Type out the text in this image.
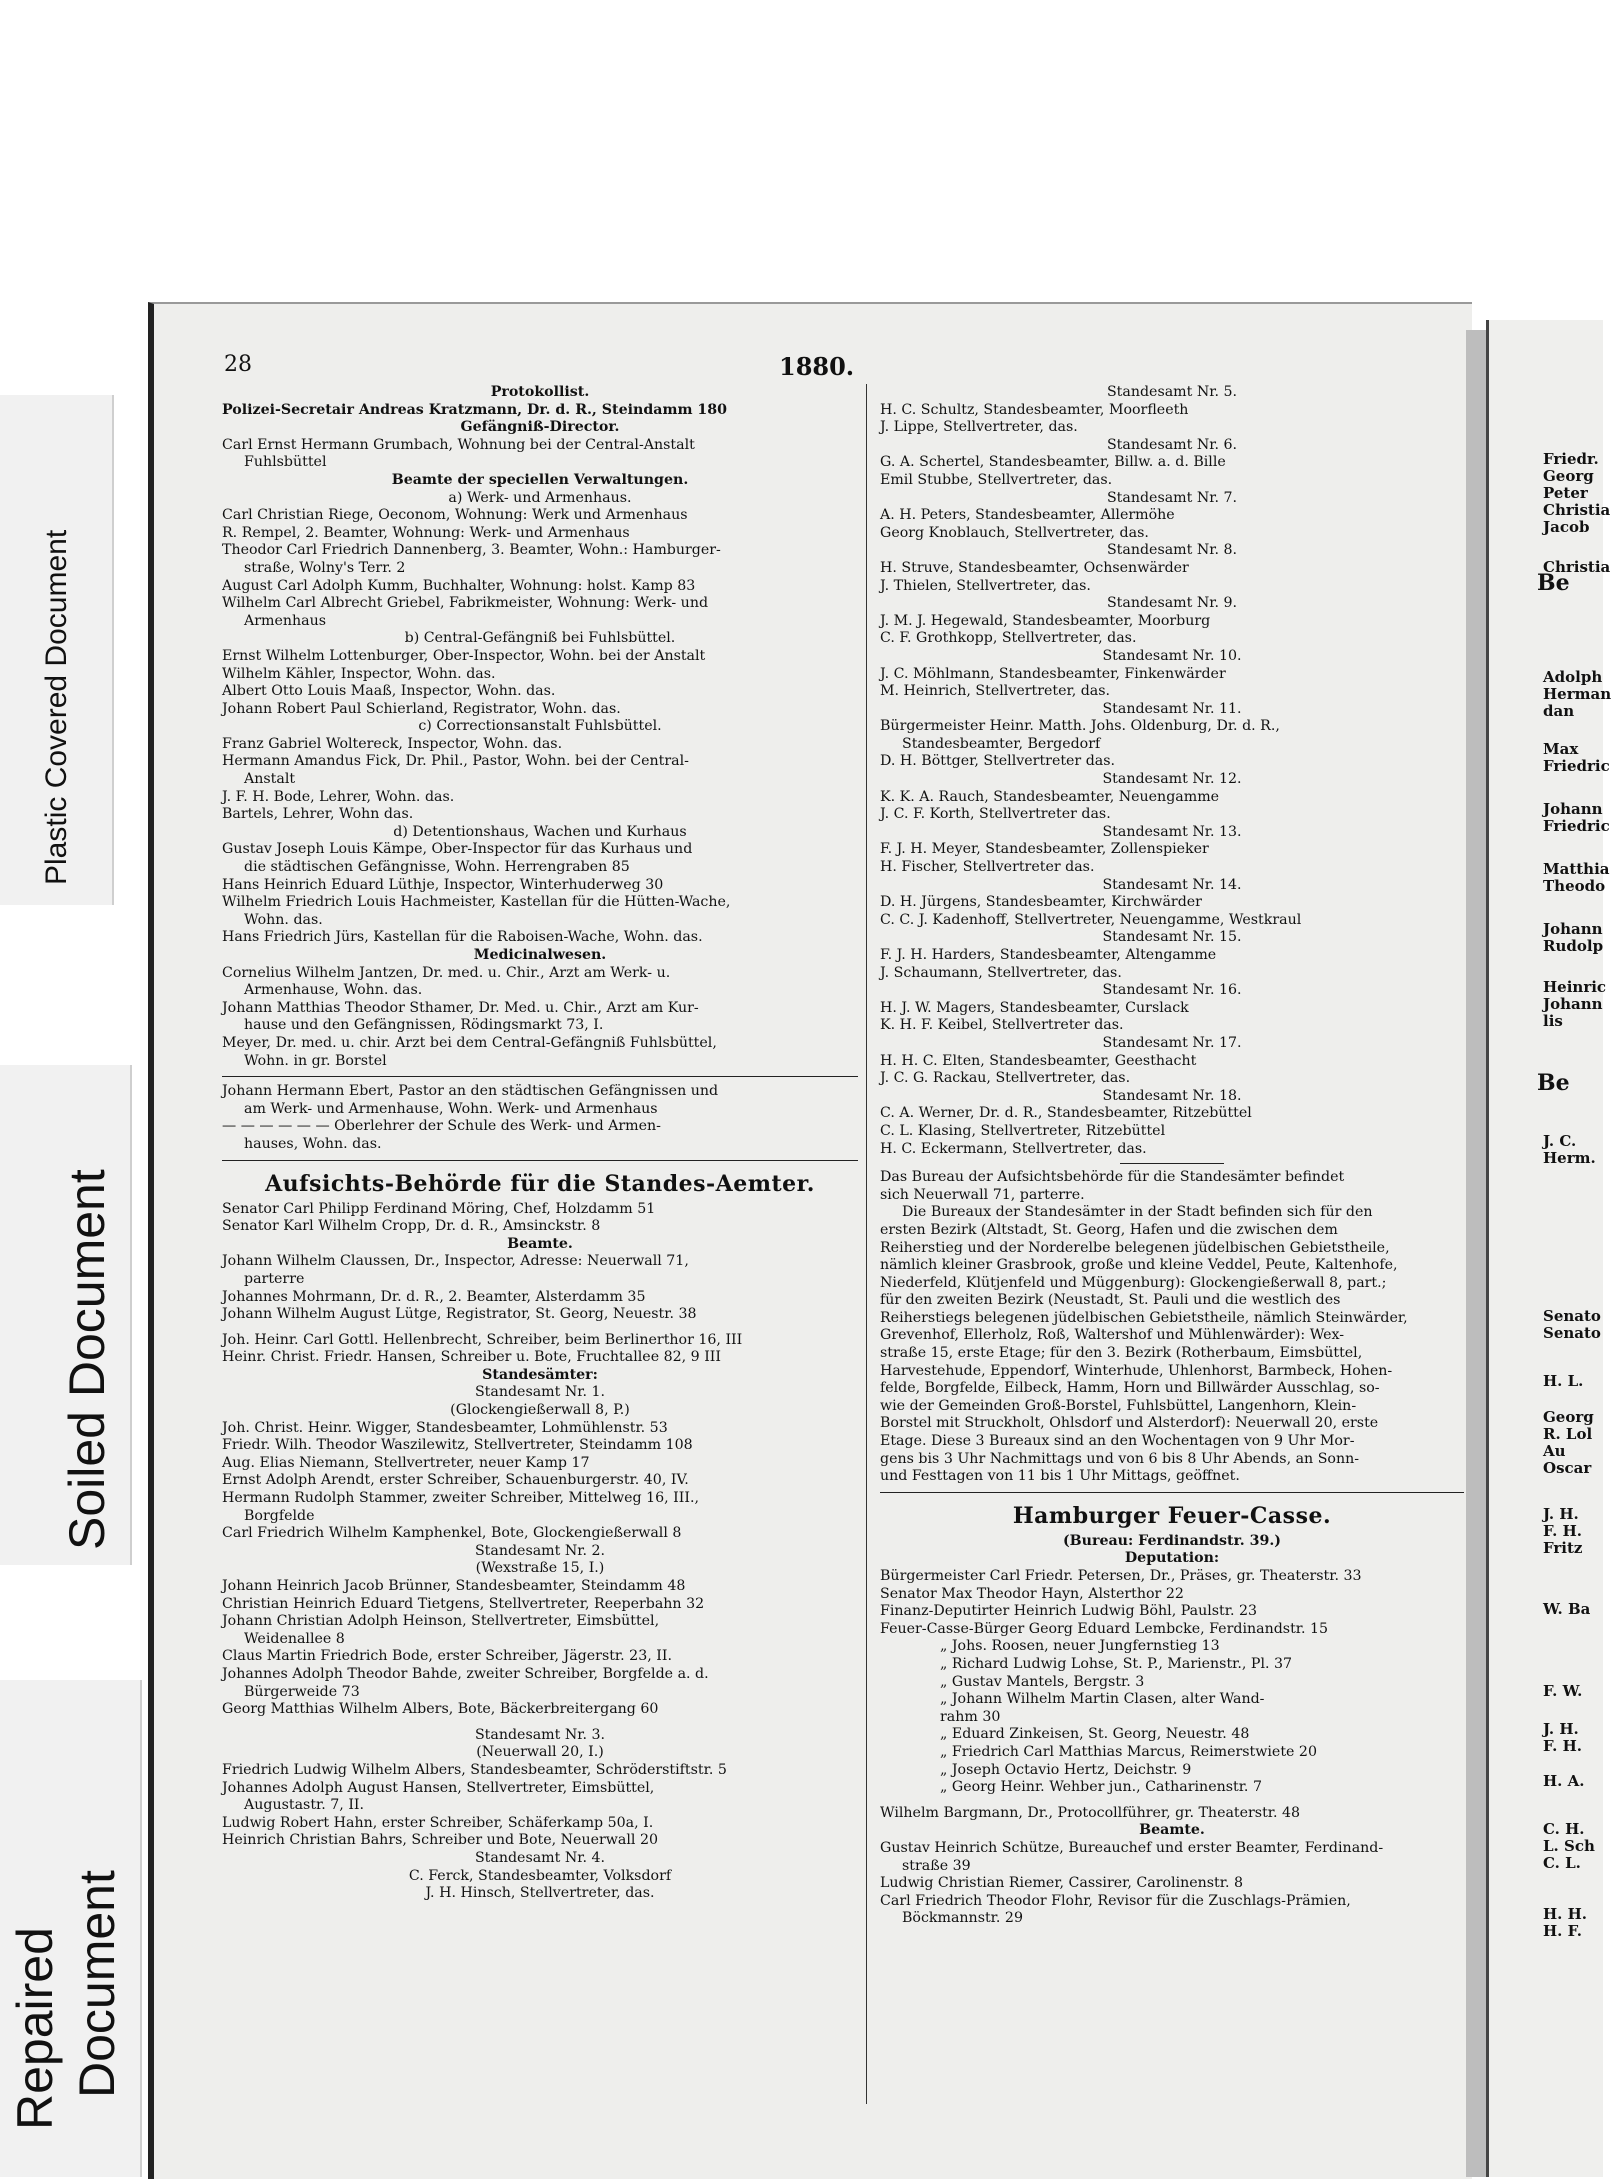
Plastic Covered Document
Soiled Document
Repaired Document
28	1880.
Protokollist.
Polizei-Secretair Andreas Kratzmann, Dr. d. R., Steindamm 180
Gefängniß-Director.
Carl Ernst Hermann Grumbach, Wohnung bei der Central-Anstalt
Fuhlsbüttel
Beamte der speciellen Verwaltungen.
a) Werk- und Armenhaus.
Carl Christian Riege, Oeconom, Wohnung: Werk und Armenhaus
R. Rempel, 2. Beamter, Wohnung: Werk- und Armenhaus
Theodor Carl Friedrich Dannenberg, 3. Beamter, Wohn.: Hamburger-
straße, Wolny's Terr. 2
August Carl Adolph Kumm, Buchhalter, Wohnung: holst. Kamp 83
Wilhelm Carl Albrecht Griebel, Fabrikmeister, Wohnung: Werk- und
Armenhaus
b) Central-Gefängniß bei Fuhlsbüttel.
Ernst Wilhelm Lottenburger, Ober-Inspector, Wohn. bei der Anstalt
Wilhelm Kähler, Inspector, Wohn. das.
Albert Otto Louis Maaß, Inspector, Wohn. das.
Johann Robert Paul Schierland, Registrator, Wohn. das.
c) Correctionsanstalt Fuhlsbüttel.
Franz Gabriel Woltereck, Inspector, Wohn. das.
Hermann Amandus Fick, Dr. Phil., Pastor, Wohn. bei der Central-
Anstalt
J. F. H. Bode, Lehrer, Wohn. das.
Bartels, Lehrer, Wohn das.
d) Detentionshaus, Wachen und Kurhaus
Gustav Joseph Louis Kämpe, Ober-Inspector für das Kurhaus und
die städtischen Gefängnisse, Wohn. Herrengraben 85
Hans Heinrich Eduard Lüthje, Inspector, Winterhuderweg 30
Wilhelm Friedrich Louis Hachmeister, Kastellan für die Hütten-Wache,
Wohn. das.
Hans Friedrich Jürs, Kastellan für die Raboisen-Wache, Wohn. das.
Medicinalwesen.
Cornelius Wilhelm Jantzen, Dr. med. u. Chir., Arzt am Werk- u.
Armenhause, Wohn. das.
Johann Matthias Theodor Sthamer, Dr. Med. u. Chir., Arzt am Kur-
hause und den Gefängnissen, Rödingsmarkt 73, I.
Meyer, Dr. med. u. chir. Arzt bei dem Central-Gefängniß Fuhlsbüttel,
Wohn. in gr. Borstel
Johann Hermann Ebert, Pastor an den städtischen Gefängnissen und
am Werk- und Armenhause, Wohn. Werk- und Armenhaus
— — — — — — Oberlehrer der Schule des Werk- und Armen-
hauses, Wohn. das.
Aufsichts-Behörde für die Standes-Aemter.
Senator Carl Philipp Ferdinand Möring, Chef, Holzdamm 51
Senator Karl Wilhelm Cropp, Dr. d. R., Amsinckstr. 8
Beamte.
Johann Wilhelm Claussen, Dr., Inspector, Adresse: Neuerwall 71,
parterre
Johannes Mohrmann, Dr. d. R., 2. Beamter, Alsterdamm 35
Johann Wilhelm August Lütge, Registrator, St. Georg, Neuestr. 38
Joh. Heinr. Carl Gottl. Hellenbrecht, Schreiber, beim Berlinerthor 16, III
Heinr. Christ. Friedr. Hansen, Schreiber u. Bote, Fruchtallee 82, 9 III
Standesämter:
Standesamt Nr. 1.
(Glockengießerwall 8, P.)
Joh. Christ. Heinr. Wigger, Standesbeamter, Lohmühlenstr. 53
Friedr. Wilh. Theodor Waszilewitz, Stellvertreter, Steindamm 108
Aug. Elias Niemann, Stellvertreter, neuer Kamp 17
Ernst Adolph Arendt, erster Schreiber, Schauenburgerstr. 40, IV.
Hermann Rudolph Stammer, zweiter Schreiber, Mittelweg 16, III.,
Borgfelde
Carl Friedrich Wilhelm Kamphenkel, Bote, Glockengießerwall 8
Standesamt Nr. 2.
(Wexstraße 15, I.)
Johann Heinrich Jacob Brünner, Standesbeamter, Steindamm 48
Christian Heinrich Eduard Tietgens, Stellvertreter, Reeperbahn 32
Johann Christian Adolph Heinson, Stellvertreter, Eimsbüttel,
Weidenallee 8
Claus Martin Friedrich Bode, erster Schreiber, Jägerstr. 23, II.
Johannes Adolph Theodor Bahde, zweiter Schreiber, Borgfelde a. d.
Bürgerweide 73
Georg Matthias Wilhelm Albers, Bote, Bäckerbreitergang 60
Standesamt Nr. 3.
(Neuerwall 20, I.)
Friedrich Ludwig Wilhelm Albers, Standesbeamter, Schröderstiftstr. 5
Johannes Adolph August Hansen, Stellvertreter, Eimsbüttel,
Augustastr. 7, II.
Ludwig Robert Hahn, erster Schreiber, Schäferkamp 50a, I.
Heinrich Christian Bahrs, Schreiber und Bote, Neuerwall 20
Standesamt Nr. 4.
C. Ferck, Standesbeamter, Volksdorf
J. H. Hinsch, Stellvertreter, das.
Standesamt Nr. 5.
H. C. Schultz, Standesbeamter, Moorfleeth
J. Lippe, Stellvertreter, das.
Standesamt Nr. 6.
G. A. Schertel, Standesbeamter, Billw. a. d. Bille
Emil Stubbe, Stellvertreter, das.
Standesamt Nr. 7.
A. H. Peters, Standesbeamter, Allermöhe
Georg Knoblauch, Stellvertreter, das.
Standesamt Nr. 8.
H. Struve, Standesbeamter, Ochsenwärder
J. Thielen, Stellvertreter, das.
Standesamt Nr. 9.
J. M. J. Hegewald, Standesbeamter, Moorburg
C. F. Grothkopp, Stellvertreter, das.
Standesamt Nr. 10.
J. C. Möhlmann, Standesbeamter, Finkenwärder
M. Heinrich, Stellvertreter, das.
Standesamt Nr. 11.
Bürgermeister Heinr. Matth. Johs. Oldenburg, Dr. d. R.,
Standesbeamter, Bergedorf
D. H. Böttger, Stellvertreter das.
Standesamt Nr. 12.
K. K. A. Rauch, Standesbeamter, Neuengamme
J. C. F. Korth, Stellvertreter das.
Standesamt Nr. 13.
F. J. H. Meyer, Standesbeamter, Zollenspieker
H. Fischer, Stellvertreter das.
Standesamt Nr. 14.
D. H. Jürgens, Standesbeamter, Kirchwärder
C. C. J. Kadenhoff, Stellvertreter, Neuengamme, Westkraul
Standesamt Nr. 15.
F. J. H. Harders, Standesbeamter, Altengamme
J. Schaumann, Stellvertreter, das.
Standesamt Nr. 16.
H. J. W. Magers, Standesbeamter, Curslack
K. H. F. Keibel, Stellvertreter das.
Standesamt Nr. 17.
H. H. C. Elten, Standesbeamter, Geesthacht
J. C. G. Rackau, Stellvertreter, das.
Standesamt Nr. 18.
C. A. Werner, Dr. d. R., Standesbeamter, Ritzebüttel
C. L. Klasing, Stellvertreter, Ritzebüttel
H. C. Eckermann, Stellvertreter, das.
Das Bureau der Aufsichtsbehörde für die Standesämter befindet
sich Neuerwall 71, parterre.
Die Bureaux der Standesämter in der Stadt befinden sich für den
ersten Bezirk (Altstadt, St. Georg, Hafen und die zwischen dem
Reiherstieg und der Norderelbe belegenen jüdelbischen Gebietstheile,
nämlich kleiner Grasbrook, große und kleine Veddel, Peute, Kaltenhofe,
Niederfeld, Klütjenfeld und Müggenburg): Glockengießerwall 8, part.;
für den zweiten Bezirk (Neustadt, St. Pauli und die westlich des
Reiherstiegs belegenen jüdelbischen Gebietstheile, nämlich Steinwärder,
Grevenhof, Ellerholz, Roß, Waltershof und Mühlenwärder): Wex-
straße 15, erste Etage; für den 3. Bezirk (Rotherbaum, Eimsbüttel,
Harvestehude, Eppendorf, Winterhude, Uhlenhorst, Barmbeck, Hohen-
felde, Borgfelde, Eilbeck, Hamm, Horn und Billwärder Ausschlag, so-
wie der Gemeinden Groß-Borstel, Fuhlsbüttel, Langenhorn, Klein-
Borstel mit Struckholt, Ohlsdorf und Alsterdorf): Neuerwall 20, erste
Etage. Diese 3 Bureaux sind an den Wochentagen von 9 Uhr Mor-
gens bis 3 Uhr Nachmittags und von 6 bis 8 Uhr Abends, an Sonn-
und Festtagen von 11 bis 1 Uhr Mittags, geöffnet.
Hamburger Feuer-Casse.
(Bureau: Ferdinandstr. 39.)
Deputation:
Bürgermeister Carl Friedr. Petersen, Dr., Präses, gr. Theaterstr. 33
Senator Max Theodor Hayn, Alsterthor 22
Finanz-Deputirter Heinrich Ludwig Böhl, Paulstr. 23
Feuer-Casse-Bürger Georg Eduard Lembcke, Ferdinandstr. 15
„ Johs. Roosen, neuer Jungfernstieg 13
„ Richard Ludwig Lohse, St. P., Marienstr., Pl. 37
„ Gustav Mantels, Bergstr. 3
„ Johann Wilhelm Martin Clasen, alter Wand-
rahm 30
„ Eduard Zinkeisen, St. Georg, Neuestr. 48
„ Friedrich Carl Matthias Marcus, Reimerstwiete 20
„ Joseph Octavio Hertz, Deichstr. 9
„ Georg Heinr. Wehber jun., Catharinenstr. 7
Wilhelm Bargmann, Dr., Protocollführer, gr. Theaterstr. 48
Beamte.
Gustav Heinrich Schütze, Bureauchef und erster Beamter, Ferdinand-
straße 39
Ludwig Christian Riemer, Cassirer, Carolinenstr. 8
Carl Friedrich Theodor Flohr, Revisor für die Zuschlags-Prämien,
Böckmannstr. 29
Friedr.
Georg
Peter
Christia
Jacob
Christia
Adolph
Herman
dan
Max
Friedric
Johann
Friedric
Matthia
Theodo
Johann
Rudolp
Heinric
Johann
lis
J. C.
Herm.
Senato
Senato
H. L.
Georg
R. Lol
Au
Oscar
J. H.
F. H.
Fritz
W. Ba
F. W.
J. H.
F. H.
H. A.
C. H.
L. Sch
C. L.
H. H.
H. F.
Be
Be
